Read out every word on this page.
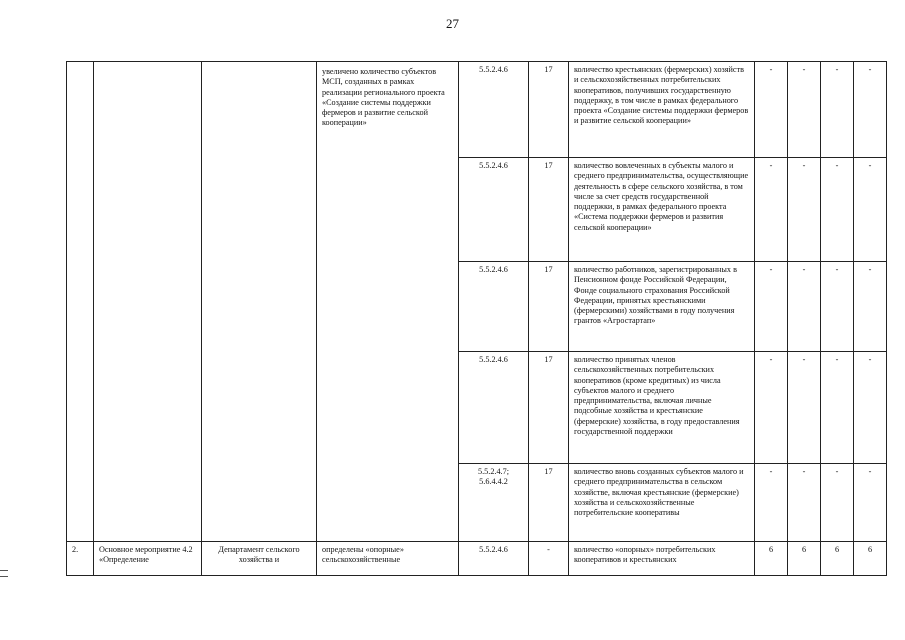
27
			увеличено количество субъектов МСП, созданных в рамках реализации регионального проекта «Создание системы поддержки фермеров и развитие сельской кооперации»	5.5.2.4.6	17	количество крестьянских (фермерских) хозяйств и сельскохозяйственных потребительских кооперативов, получивших государственную поддержку, в том числе в рамках федерального проекта «Создание системы поддержки фермеров и развитие сельской кооперации»	-	-	-	-
				5.5.2.4.6	17	количество вовлеченных в субъекты малого и среднего предпринимательства, осуществляющие деятельность в сфере сельского хозяйства, в том числе за счет средств государственной поддержки, в рамках федерального проекта «Система поддержки фермеров и развития сельской кооперации»	-	-	-	-
				5.5.2.4.6	17	количество работников, зарегистрированных в Пенсионном фонде Российской Федерации, Фонде социального страхования Российской Федерации, принятых крестьянскими (фермерскими) хозяйствами в году получения грантов «Агростартап»	-	-	-	-
				5.5.2.4.6	17	количество принятых членов сельскохозяйственных потребительских кооперативов (кроме кредитных) из числа субъектов малого и среднего предпринимательства, включая личные подсобные хозяйства и крестьянские (фермерские) хозяйства, в году предоставления государственной поддержки	-	-	-	-
				5.5.2.4.7;
5.6.4.4.2	17	количество вновь созданных субъектов малого и среднего предпринимательства в сельском хозяйстве, включая крестьянские (фермерские) хозяйства и сельскохозяйственные потребительские кооперативы	-	-	-	-
2.	Основное мероприятие 4.2 «Определение	Департамент сельского хозяйства и	определены «опорные» сельскохозяйственные	5.5.2.4.6	-	количество «опорных» потребительских кооперативов и крестьянских	6	6	6	6
